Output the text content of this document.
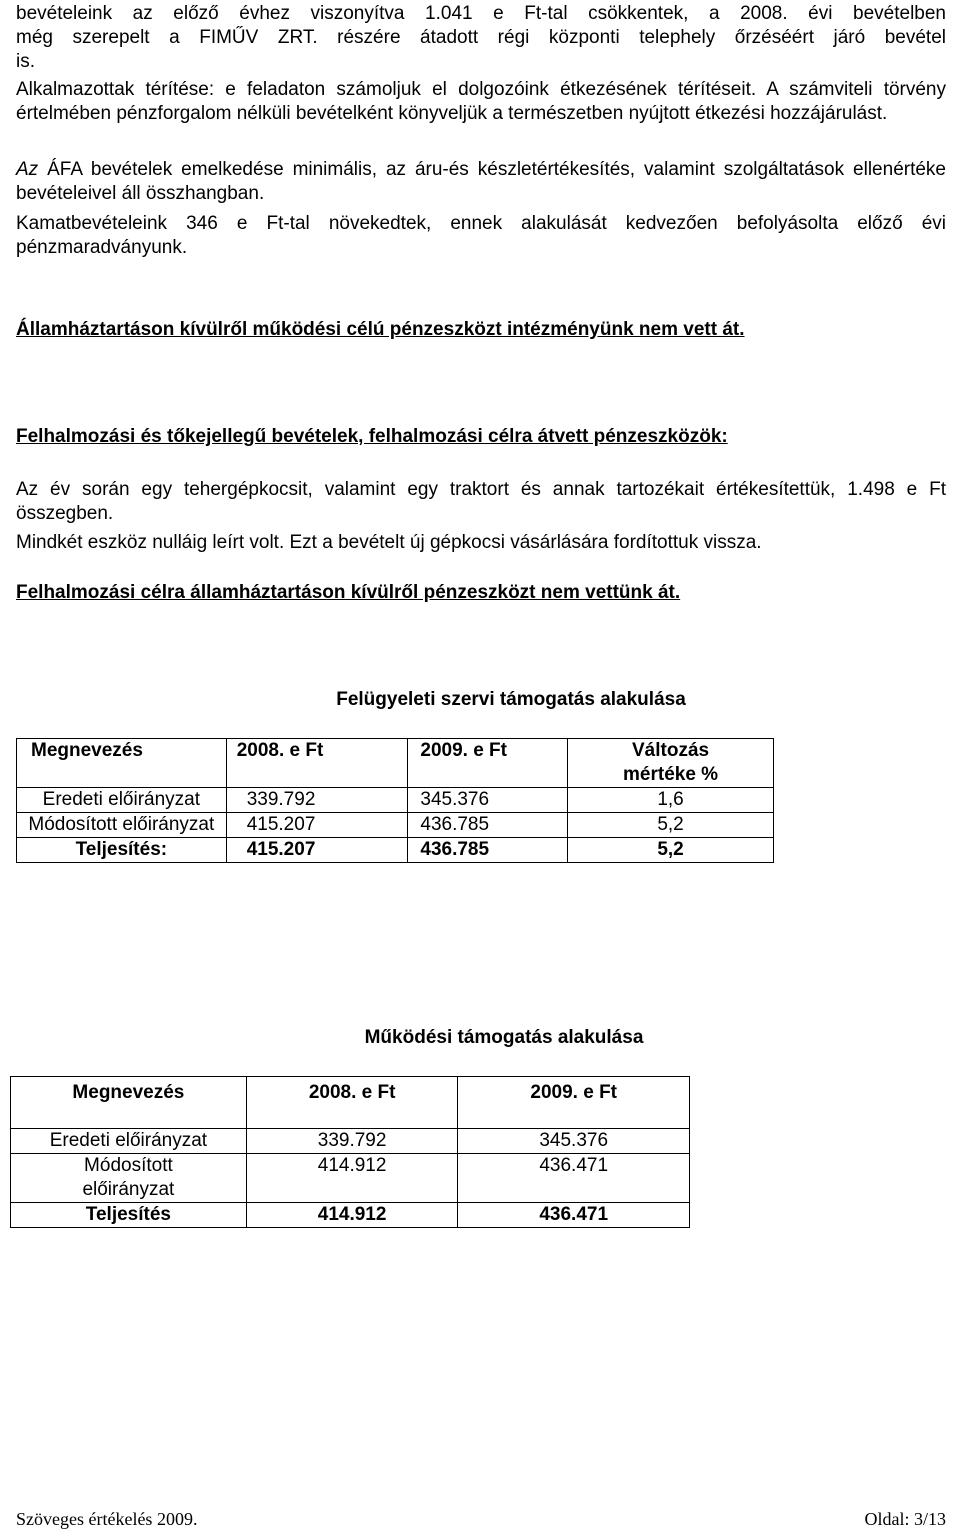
bevételeink az előző évhez viszonyítva 1.041 e Ft-tal csökkentek, a 2008. évi bevételben

még szerepelt a FIMŰV ZRT. részére átadott régi központi telephely őrzéséért járó bevétel

is.

Alkalmazottak térítése: e feladaton számoljuk el dolgozóink étkezésének térítéseit. A számviteli törvény értelmében pénzforgalom nélküli bevételként könyveljük a természetben nyújtott étkezési hozzájárulást.

Az ÁFA bevételek emelkedése minimális, az áru-és készletértékesítés, valamint szolgáltatások ellenértéke bevételeivel áll összhangban.

Kamatbevételeink 346 e Ft-tal növekedtek, ennek alakulását kedvezően befolyásolta előző évi pénzmaradványunk.

Államháztartáson kívülről működési célú pénzeszközt intézményünk nem vett át.

Felhalmozási és tőkejellegű bevételek, felhalmozási célra átvett pénzeszközök:

Az év során egy tehergépkocsit, valamint egy traktort és annak tartozékait értékesítettük, 1.498 e Ft összegben.

Mindkét eszköz nulláig leírt volt. Ezt a bevételt új gépkocsi vásárlására fordítottuk vissza.

Felhalmozási célra államháztartáson kívülről pénzeszközt nem vettünk át.

Felügyeleti szervi támogatás alakulása

Megnevezés	2008. e Ft	2009. e Ft	Változás mértéke %
Eredeti előirányzat	339.792	345.376	1,6
Módosított előirányzat	415.207	436.785	5,2
Teljesítés:	415.207	436.785	5,2

Működési támogatás alakulása

Megnevezés	2008. e Ft	2009. e Ft
Eredeti előirányzat	339.792	345.376
Módosított előirányzat	414.912	436.471
Teljesítés	414.912	436.471
Szöveges értékelés 2009.	Oldal: 3/13
